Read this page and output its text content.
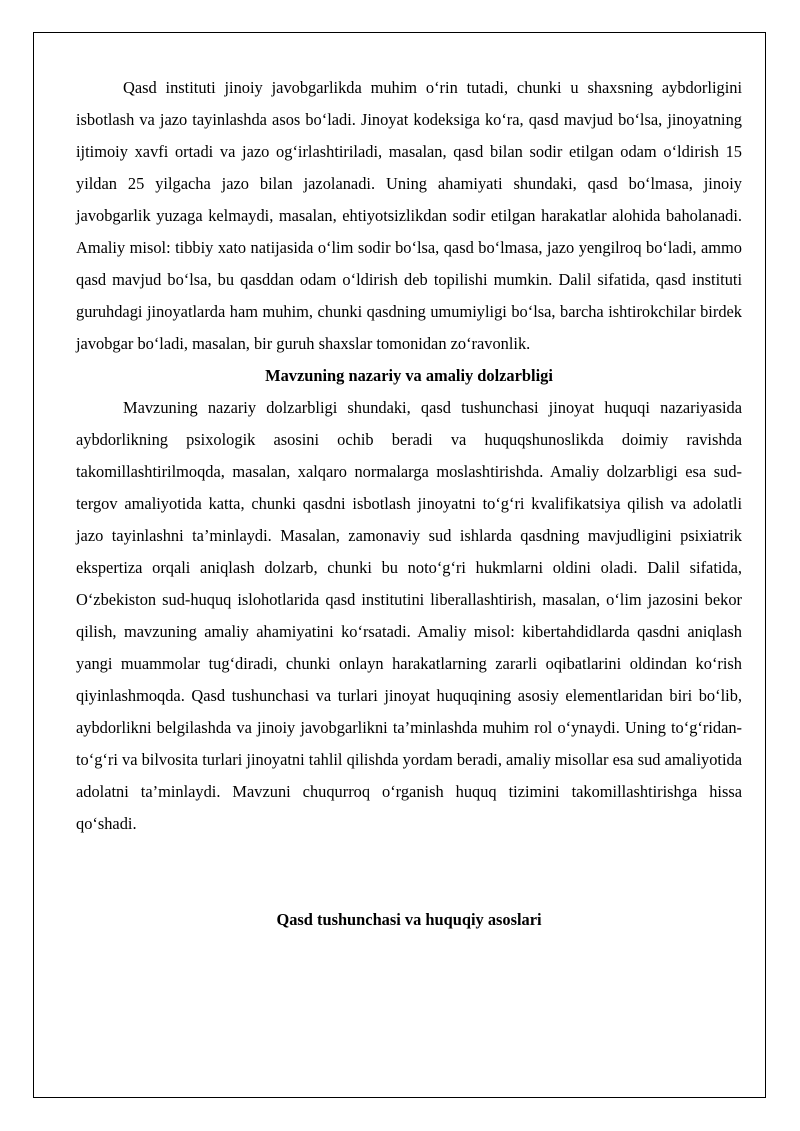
Qasd instituti jinoiy javobgarlikda muhim o‘rin tutadi, chunki u shaxsning aybdorligini isbotlash va jazo tayinlashda asos bo‘ladi. Jinoyat kodeksiga ko‘ra, qasd mavjud bo‘lsa, jinoyatning ijtimoiy xavfi ortadi va jazo og‘irlashtiriladi, masalan, qasd bilan sodir etilgan odam o‘ldirish 15 yildan 25 yilgacha jazo bilan jazolanadi. Uning ahamiyati shundaki, qasd bo‘lmasa, jinoiy javobgarlik yuzaga kelmaydi, masalan, ehtiyotsizlikdan sodir etilgan harakatlar alohida baholanadi. Amaliy misol: tibbiy xato natijasida o‘lim sodir bo‘lsa, qasd bo‘lmasa, jazo yengilroq bo‘ladi, ammo qasd mavjud bo‘lsa, bu qasddan odam o‘ldirish deb topilishi mumkin. Dalil sifatida, qasd instituti guruhdagi jinoyatlarda ham muhim, chunki qasdning umumiyligi bo‘lsa, barcha ishtirokchilar birdek javobgar bo‘ladi, masalan, bir guruh shaxslar tomonidan zo‘ravonlik.

Mavzuning nazariy va amaliy dolzarbligi

Mavzuning nazariy dolzarbligi shundaki, qasd tushunchasi jinoyat huquqi nazariyasida aybdorlikning psixologik asosini ochib beradi va huquqshunoslikda doimiy ravishda takomillashtirilmoqda, masalan, xalqaro normalarga moslashtirishda. Amaliy dolzarbligi esa sud-tergov amaliyotida katta, chunki qasdni isbotlash jinoyatni to‘g‘ri kvalifikatsiya qilish va adolatli jazo tayinlashni ta’minlaydi. Masalan, zamonaviy sud ishlarda qasdning mavjudligini psixiatrik ekspertiza orqali aniqlash dolzarb, chunki bu noto‘g‘ri hukmlarni oldini oladi. Dalil sifatida, O‘zbekiston sud-huquq islohotlarida qasd institutini liberallashtirish, masalan, o‘lim jazosini bekor qilish, mavzuning amaliy ahamiyatini ko‘rsatadi. Amaliy misol: kibertahdidlarda qasdni aniqlash yangi muammolar tug‘diradi, chunki onlayn harakatlarning zararli oqibatlarini oldindan ko‘rish qiyinlashmoqda. Qasd tushunchasi va turlari jinoyat huquqining asosiy elementlaridan biri bo‘lib, aybdorlikni belgilashda va jinoiy javobgarlikni ta’minlashda muhim rol o‘ynaydi. Uning to‘g‘ridan-to‘g‘ri va bilvosita turlari jinoyatni tahlil qilishda yordam beradi, amaliy misollar esa sud amaliyotida adolatni ta’minlaydi. Mavzuni chuqurroq o‘rganish huquq tizimini takomillashtirishga hissa qo‘shadi.

Qasd tushunchasi va huquqiy asoslari
